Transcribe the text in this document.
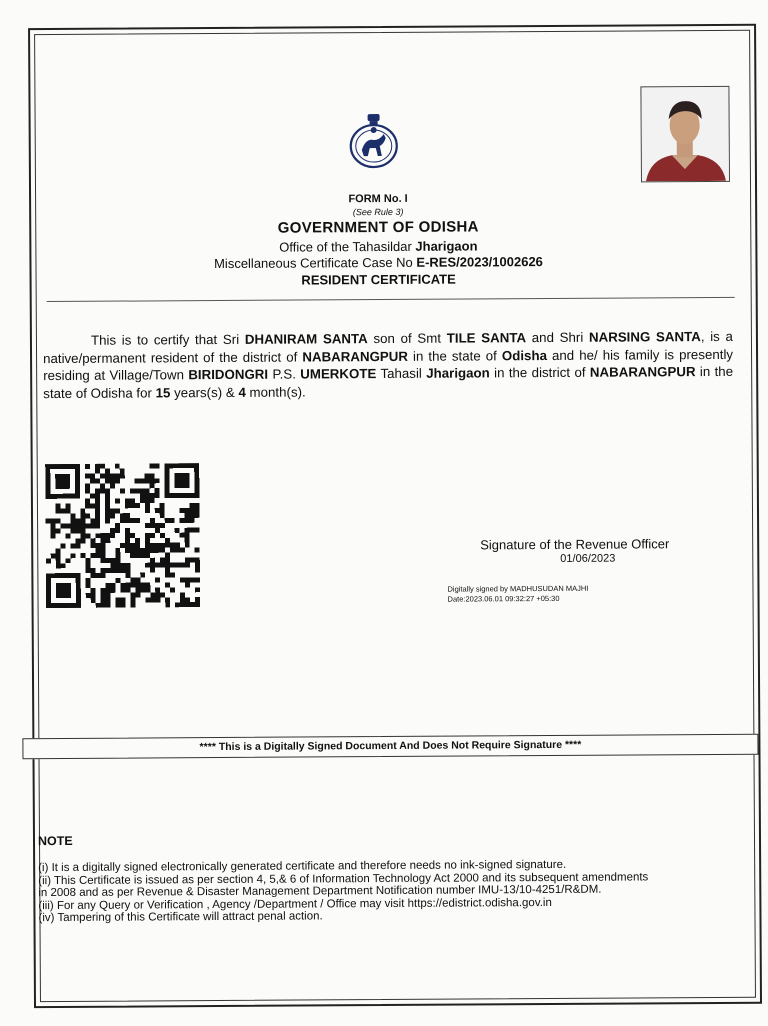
FORM No. I
(See Rule 3)
GOVERNMENT OF ODISHA
Office of the Tahasildar Jharigaon
Miscellaneous Certificate Case No E-RES/2023/1002626
RESIDENT CERTIFICATE
This is to certify that Sri DHANIRAM SANTA son of Smt TILE SANTA and Shri NARSING SANTA, is a native/permanent resident of the district of NABARANGPUR in the state of Odisha and he/ his family is presently residing at Village/Town BIRIDONGRI P.S. UMERKOTE Tahasil Jharigaon in the district of NABARANGPUR in the state of Odisha for 15 years(s) & 4 month(s).
Signature of the Revenue Officer
01/06/2023
Digitally signed by MADHUSUDAN MAJHI
Date:2023.06.01 09:32:27 +05:30
**** This is a Digitally Signed Document And Does Not Require Signature ****
NOTE
(i) It is a digitally signed electronically generated certificate and therefore needs no ink-signed signature.
(ii) This Certificate is issued as per section 4, 5,& 6 of Information Technology Act 2000 and its subsequent amendments
in 2008 and as per Revenue & Disaster Management Department Notification number IMU-13/10-4251/R&DM.
(iii) For any Query or Verification , Agency /Department / Office may visit https://edistrict.odisha.gov.in
(iv) Tampering of this Certificate will attract penal action.
